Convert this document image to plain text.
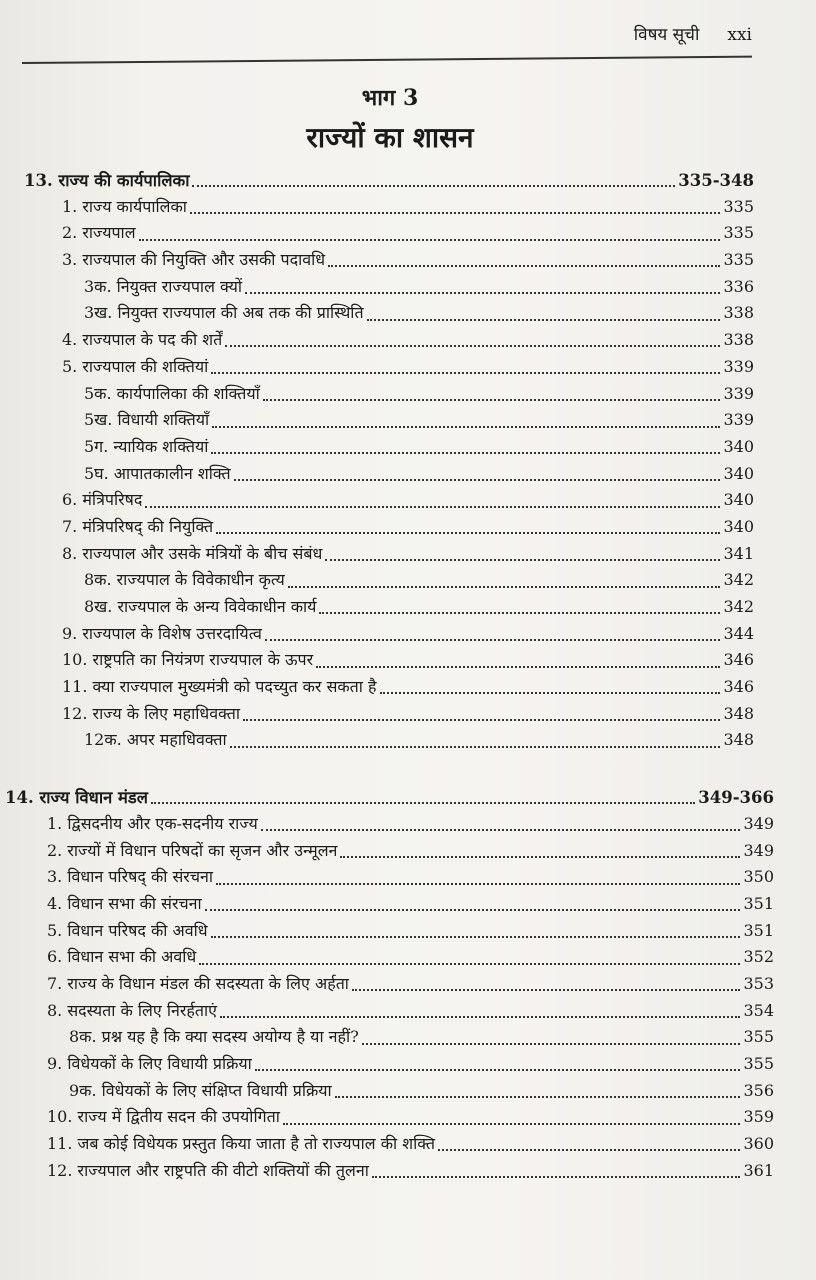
विषय सूची xxi
भाग 3
राज्यों का शासन
13. राज्य की कार्यपालिका	335-348
1. राज्य कार्यपालिका	335
2. राज्यपाल	335
3. राज्यपाल की नियुक्ति और उसकी पदावधि	335
3क. नियुक्त राज्यपाल क्यों	336
3ख. नियुक्त राज्यपाल की अब तक की प्रास्थिति	338
4. राज्यपाल के पद की शर्तें	338
5. राज्यपाल की शक्तियां	339
5क. कार्यपालिका की शक्तियाँ	339
5ख. विधायी शक्तियाँ	339
5ग. न्यायिक शक्तियां	340
5घ. आपातकालीन शक्ति	340
6. मंत्रिपरिषद	340
7. मंत्रिपरिषद् की नियुक्ति	340
8. राज्यपाल और उसके मंत्रियों के बीच संबंध	341
8क. राज्यपाल के विवेकाधीन कृत्य	342
8ख. राज्यपाल के अन्य विवेकाधीन कार्य	342
9. राज्यपाल के विशेष उत्तरदायित्व	344
10. राष्ट्रपति का नियंत्रण राज्यपाल के ऊपर	346
11. क्या राज्यपाल मुख्यमंत्री को पदच्युत कर सकता है	346
12. राज्य के लिए महाधिवक्ता	348
12क. अपर महाधिवक्ता	348
14. राज्य विधान मंडल	349-366
1. द्विसदनीय और एक-सदनीय राज्य	349
2. राज्यों में विधान परिषदों का सृजन और उन्मूलन	349
3. विधान परिषद् की संरचना	350
4. विधान सभा की संरचना	351
5. विधान परिषद की अवधि	351
6. विधान सभा की अवधि	352
7. राज्य के विधान मंडल की सदस्यता के लिए अर्हता	353
8. सदस्यता के लिए निरर्हताएं	354
8क. प्रश्न यह है कि क्या सदस्य अयोग्य है या नहीं?	355
9. विधेयकों के लिए विधायी प्रक्रिया	355
9क. विधेयकों के लिए संक्षिप्त विधायी प्रक्रिया	356
10. राज्य में द्वितीय सदन की उपयोगिता	359
11. जब कोई विधेयक प्रस्तुत किया जाता है तो राज्यपाल की शक्ति	360
12. राज्यपाल और राष्ट्रपति की वीटो शक्तियों की तुलना	361
